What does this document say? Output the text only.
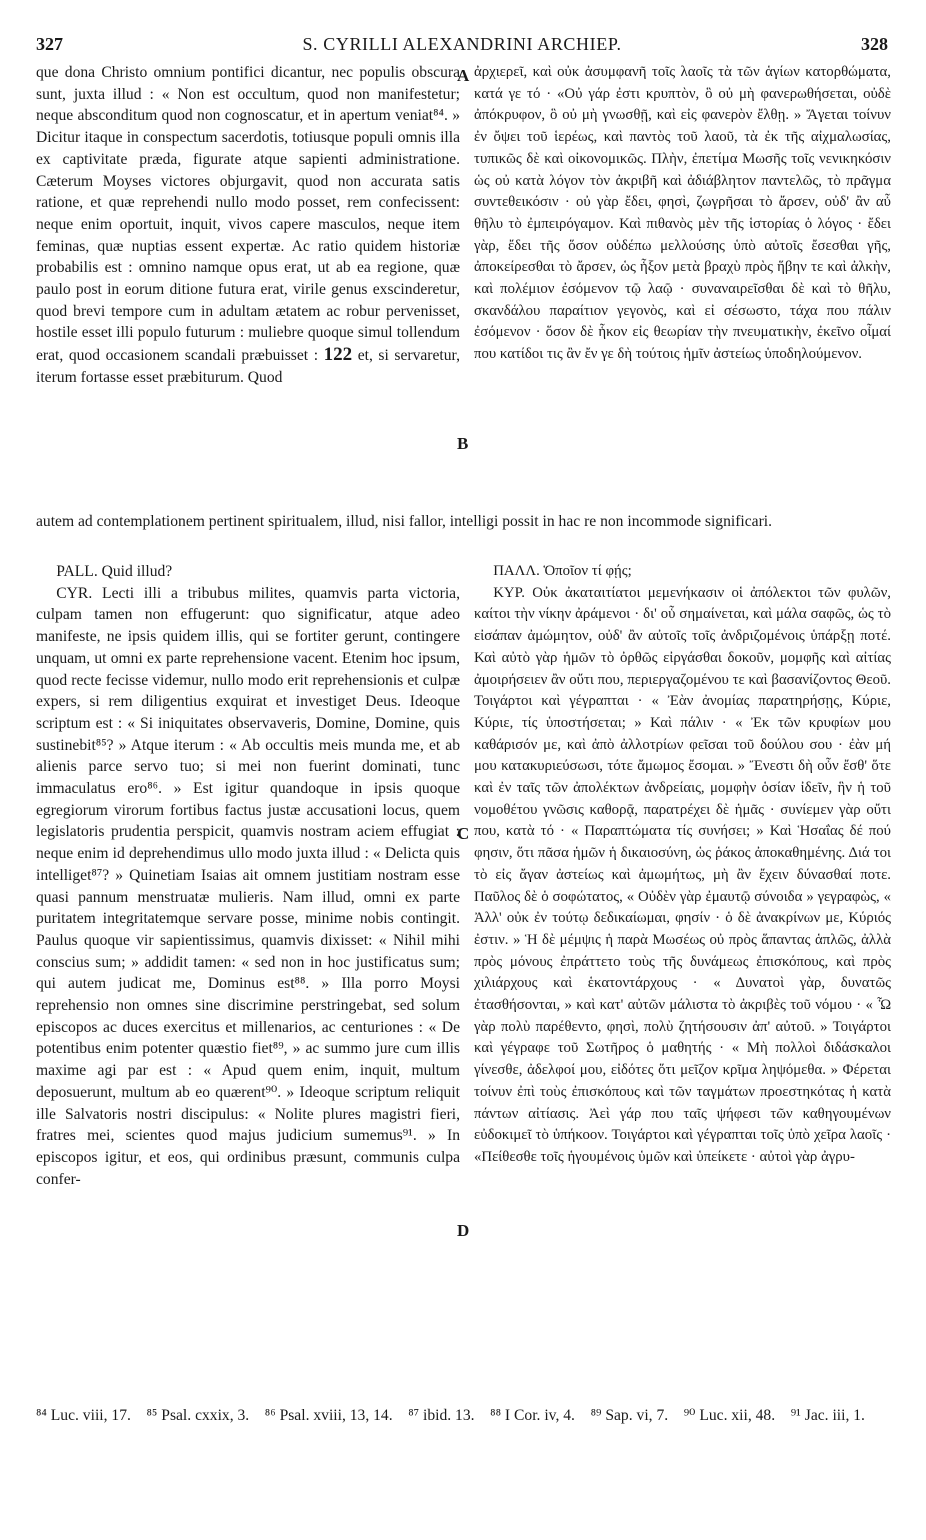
327	S. CYRILLI ALEXANDRINI ARCHIEP.	328

que dona Christo omnium pontifici dicantur, nec populis obscura sunt, juxta illud : « Non est occultum, quod non manifestetur; neque absconditum quod non cognoscatur, et in apertum veniat⁸⁴. » Dicitur itaque in conspectum sacerdotis, totiusque populi omnis illa ex captivitate præda, figurate atque sapienti administratione. Cæterum Moyses victores objurgavit, quod non accurata satis ratione, et quæ reprehendi nullo modo posset, rem confecissent: neque enim oportuit, inquit, vivos capere masculos, neque item feminas, quæ nuptias essent expertæ. Ac ratio quidem historiæ probabilis est : omnino namque opus erat, ut ab ea regione, quæ paulo post in eorum ditione futura erat, virile genus exscinderetur, quod brevi tempore cum in adultam ætatem ac robur pervenisset, hostile esset illi populo futurum : muliebre quoque simul tollendum erat, quod occasionem scandali præbuisset : 122 et, si servaretur, iterum fortasse esset præbiturum. Quod

ἀρχιερεῖ, καὶ οὐκ ἀσυμφανῆ τοῖς λαοῖς τὰ τῶν ἁγίων κατορθώματα, κατά γε τό · «Οὐ γάρ ἐστι κρυπτὸν, ὃ οὐ μὴ φανερωθήσεται, οὐδὲ ἀπόκρυφον, ὃ οὐ μὴ γνωσθῇ, καὶ εἰς φανερὸν ἔλθῃ. » Ἄγεται τοίνυν ἐν ὄψει τοῦ ἱερέως, καὶ παντὸς τοῦ λαοῦ, τὰ ἐκ τῆς αἰχμαλωσίας, τυπικῶς δὲ καὶ οἰκονομικῶς. Πλὴν, ἐπετίμα Μωσῆς τοῖς νενικηκόσιν ὡς οὐ κατὰ λόγον τὸν ἀκριβῆ καὶ ἀδιάβλητον παντελῶς, τὸ πρᾶγμα συντεθεικόσιν · οὐ γὰρ ἔδει, φησὶ, ζωγρῆσαι τὸ ἄρσεν, οὐδ' ἂν αὖ θῆλυ τὸ ἐμπειρόγαμον. Καὶ πιθανὸς μὲν τῆς ἱστορίας ὁ λόγος · ἔδει γὰρ, ἔδει τῆς ὅσον οὐδέπω μελλούσης ὑπὸ αὐτοῖς ἔσεσθαι γῆς, ἀποκείρεσθαι τὸ ἄρσεν, ὡς ἧξον μετὰ βραχὺ πρὸς ἥβην τε καὶ ἀλκὴν, καὶ πολέμιον ἐσόμενον τῷ λαῷ · συναναιρεῖσθαι δὲ καὶ τὸ θῆλυ, σκανδάλου παραίτιον γεγονὸς, καὶ εἰ σέσωστο, τάχα που πάλιν ἐσόμενον · ὅσον δὲ ἧκον εἰς θεωρίαν τὴν πνευματικὴν, ἐκεῖνο οἶμαί που κατίδοι τις ἂν ἔν γε δὴ τούτοις ἡμῖν ἀστείως ὑποδηλούμενον.

autem ad contemplationem pertinent spiritualem, illud, nisi fallor, intelligi possit in hac re non incommode significari.

PALL. Quid illud?

CYR. Lecti illi a tribubus milites, quamvis parta victoria, culpam tamen non effugerunt: quo significatur, atque adeo manifeste, ne ipsis quidem illis, qui se fortiter gerunt, contingere unquam, ut omni ex parte reprehensione vacent. Etenim hoc ipsum, quod recte fecisse videmur, nullo modo erit reprehensionis et culpæ expers, si rem diligentius exquirat et investiget Deus. Ideoque scriptum est : « Si iniquitates observaveris, Domine, Domine, quis sustinebit⁸⁵? » Atque iterum : « Ab occultis meis munda me, et ab alienis parce servo tuo; si mei non fuerint dominati, tunc immaculatus ero⁸⁶. » Est igitur quandoque in ipsis quoque egregiorum virorum fortibus factus justæ accusationi locus, quem legislatoris prudentia perspicit, quamvis nostram aciem effugiat : neque enim id deprehendimus ullo modo juxta illud : « Delicta quis intelliget⁸⁷? » Quinetiam Isaias ait omnem justitiam nostram esse quasi pannum menstruatæ mulieris. Nam illud, omni ex parte puritatem integritatemque servare posse, minime nobis contingit. Paulus quoque vir sapientissimus, quamvis dixisset: « Nihil mihi conscius sum; » addidit tamen: « sed non in hoc justificatus sum; qui autem judicat me, Dominus est⁸⁸. » Illa porro Moysi reprehensio non omnes sine discrimine perstringebat, sed solum episcopos ac duces exercitus et millenarios, ac centuriones : « De potentibus enim potenter quæstio fiet⁸⁹, » ac summo jure cum illis maxime agi par est : « Apud quem enim, inquit, multum deposuerunt, multum ab eo quærent⁹⁰. » Ideoque scriptum reliquit ille Salvatoris nostri discipulus: « Nolite plures magistri fieri, fratres mei, scientes quod majus judicium sumemus⁹¹. » In episcopos igitur, et eos, qui ordinibus præsunt, communis culpa confer-

ΠΑΛΛ. Ὁποῖον τί φῄς;

ΚΥΡ. Οὐκ ἀκαταιτίατοι μεμενήκασιν οἱ ἀπόλεκτοι τῶν φυλῶν, καίτοι τὴν νίκην ἀράμενοι · δι' οὗ σημαίνεται, καὶ μάλα σαφῶς, ὡς τὸ εἰσάπαν ἀμώμητον, οὐδ' ἂν αὐτοῖς τοῖς ἀνδριζομένοις ὑπάρξῃ ποτέ. Καὶ αὐτὸ γὰρ ἡμῶν τὸ ὀρθῶς εἰργάσθαι δοκοῦν, μομφῆς καὶ αἰτίας ἀμοιρήσειεν ἂν οὔτι που, περιεργαζομένου τε καὶ βασανίζοντος Θεοῦ. Τοιγάρτοι καὶ γέγραπται · « Ἐὰν ἀνομίας παρατηρήσῃς, Κύριε, Κύριε, τίς ὑποστήσεται; » Καὶ πάλιν · « Ἐκ τῶν κρυφίων μου καθάρισόν με, καὶ ἀπὸ ἀλλοτρίων φεῖσαι τοῦ δούλου σου · ἐὰν μή μου κατακυριεύσωσι, τότε ἄμωμος ἔσομαι. » Ἔνεστι δὴ οὖν ἔσθ' ὅτε καὶ ἐν ταῖς τῶν ἀπολέκτων ἀνδρείαις, μομφὴν ὁσίαν ἰδεῖν, ἣν ἡ τοῦ νομοθέτου γνῶσις καθορᾷ, παρατρέχει δὲ ἡμᾶς · συνίεμεν γὰρ οὔτι που, κατὰ τό · « Παραπτώματα τίς συνήσει; » Καὶ Ἡσαΐας δέ πού φησιν, ὅτι πᾶσα ἡμῶν ἡ δικαιοσύνη, ὡς ῥάκος ἀποκαθημένης. Διά τοι τὸ εἰς ἄγαν ἀστείως καὶ ἀμωμήτως, μὴ ἂν ἔχειν δύνασθαί ποτε. Παῦλος δὲ ὁ σοφώτατος, « Οὐδὲν γὰρ ἐμαυτῷ σύνοιδα » γεγραφὼς, « Ἀλλ' οὐκ ἐν τούτῳ δεδικαίωμαι, φησίν · ὁ δὲ ἀνακρίνων με, Κύριός ἐστιν. » Ἡ δὲ μέμψις ἡ παρὰ Μωσέως οὐ πρὸς ἅπαντας ἁπλῶς, ἀλλὰ πρὸς μόνους ἐπράττετο τοὺς τῆς δυνάμεως ἐπισκόπους, καὶ πρὸς χιλιάρχους καὶ ἑκατοντάρχους · « Δυνατοὶ γὰρ, δυνατῶς ἐτασθήσονται, » καὶ κατ' αὐτῶν μάλιστα τὸ ἀκριβὲς τοῦ νόμου · « Ὧ γὰρ πολὺ παρέθεντο, φησὶ, πολὺ ζητήσουσιν ἀπ' αὐτοῦ. » Τοιγάρτοι καὶ γέγραφε τοῦ Σωτῆρος ὁ μαθητής · « Μὴ πολλοὶ διδάσκαλοι γίνεσθε, ἀδελφοί μου, εἰδότες ὅτι μεῖζον κρῖμα ληψόμεθα. » Φέρεται τοίνυν ἐπὶ τοὺς ἐπισκόπους καὶ τῶν ταγμάτων προεστηκότας ἡ κατὰ πάντων αἰτίασις. Ἀεὶ γάρ που ταῖς ψήφεσι τῶν καθηγουμένων εὐδοκιμεῖ τὸ ὑπήκοον. Τοιγάρτοι καὶ γέγραπται τοῖς ὑπὸ χεῖρα λαοῖς · «Πείθεσθε τοῖς ἡγουμένοις ὑμῶν καὶ ὑπείκετε · αὐτοὶ γὰρ ἀγρυ-

A
B
C
D
⁸⁴ Luc. viii, 17. ⁸⁵ Psal. cxxix, 3. ⁸⁶ Psal. xviii, 13, 14. ⁸⁷ ibid. 13. ⁸⁸ I Cor. iv, 4. ⁸⁹ Sap. vi, 7. ⁹⁰ Luc. xii, 48. ⁹¹ Jac. iii, 1.
